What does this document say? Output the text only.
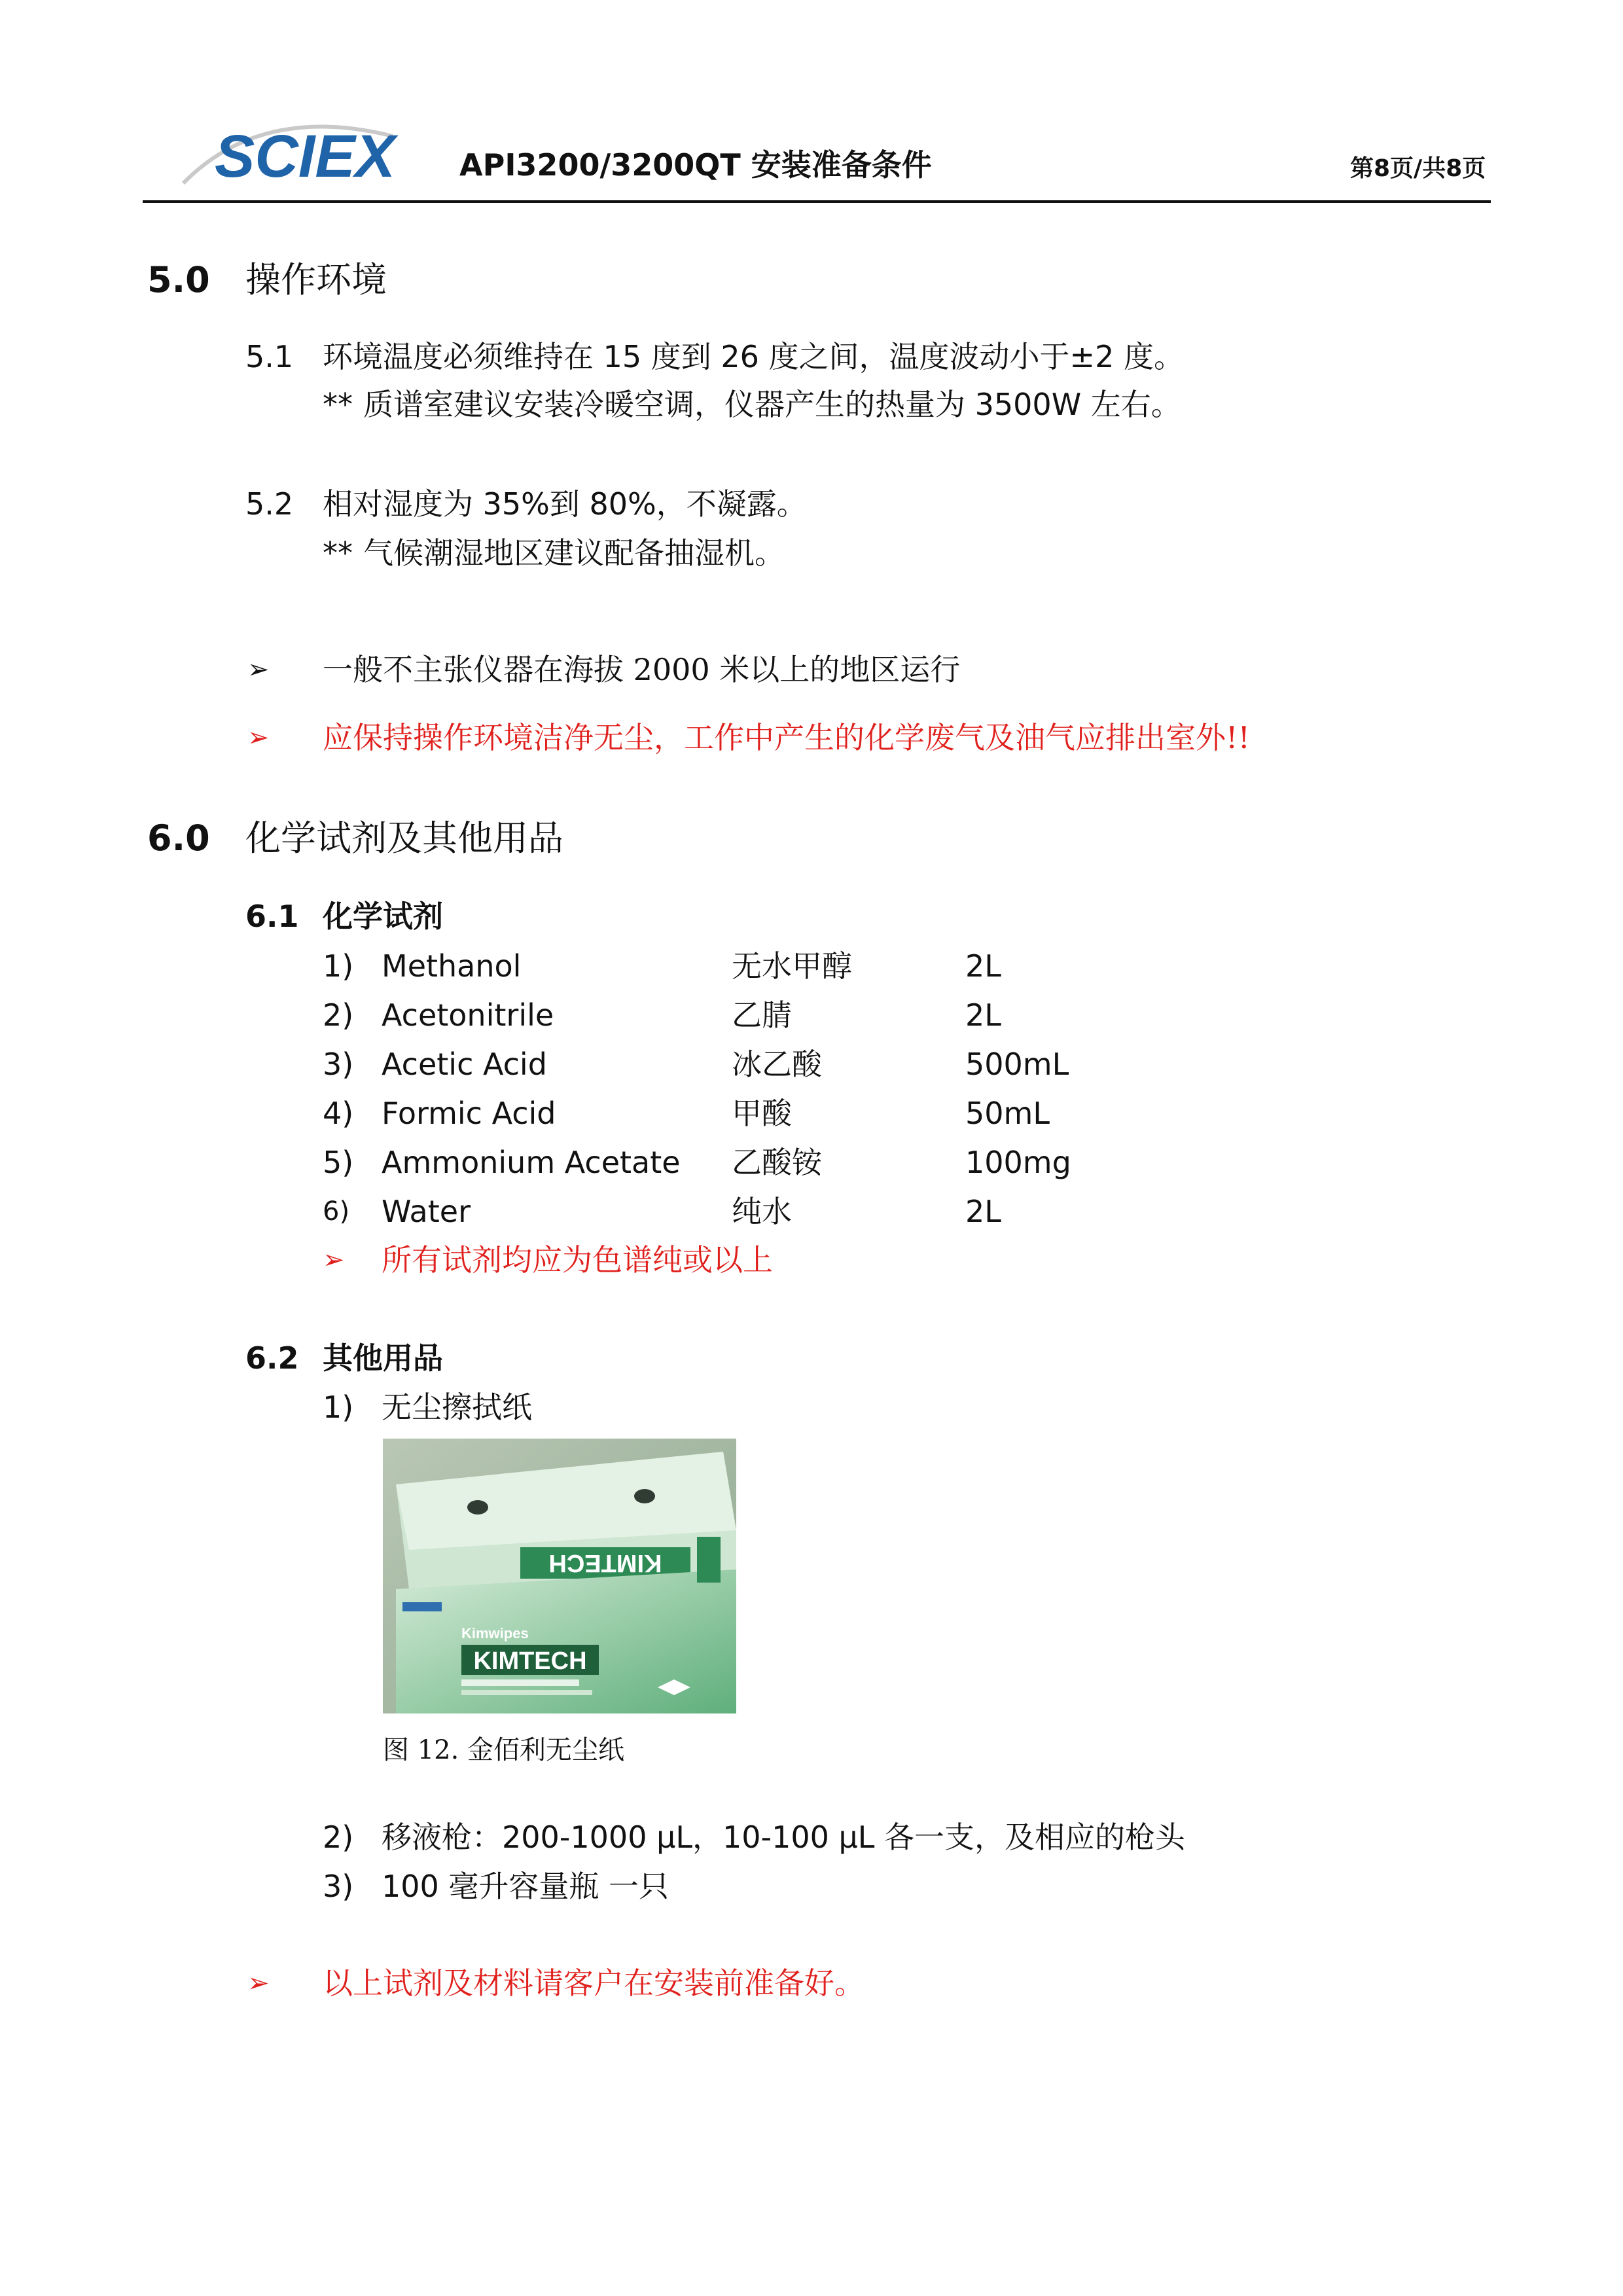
SCIEX API3200/3200QT 安装准备条件	第8页/共8页
5.0 操作环境
5.1 环境温度必须维持在 15 度到 26 度之间，温度波动小于±2 度。
** 质谱室建议安装冷暖空调，仪器产生的热量为 3500W 左右。
5.2 相对湿度为 35%到 80%，不凝露。
** 气候潮湿地区建议配备抽湿机。
➢ 一般不主张仪器在海拔 2000 米以上的地区运行
➢ 应保持操作环境洁净无尘，工作中产生的化学废气及油气应排出室外!!
6.0 化学试剂及其他用品
6.1 化学试剂
1) Methanol	无水甲醇	2L
2) Acetonitrile	乙腈	2L
3) Acetic Acid	冰乙酸	500mL
4) Formic Acid	甲酸	50mL
5) Ammonium Acetate 乙酸铵	100mg
6) Water	纯水	2L
➢ 所有试剂均应为色谱纯或以上
6.2 其他用品
1) 无尘擦拭纸
KIMTECH
Kimwipes
KIMTECH
图 12. 金佰利无尘纸
2) 移液枪：200-1000 μL，10-100 μL 各一支，及相应的枪头
3) 100 毫升容量瓶 一只
➢ 以上试剂及材料请客户在安装前准备好。
